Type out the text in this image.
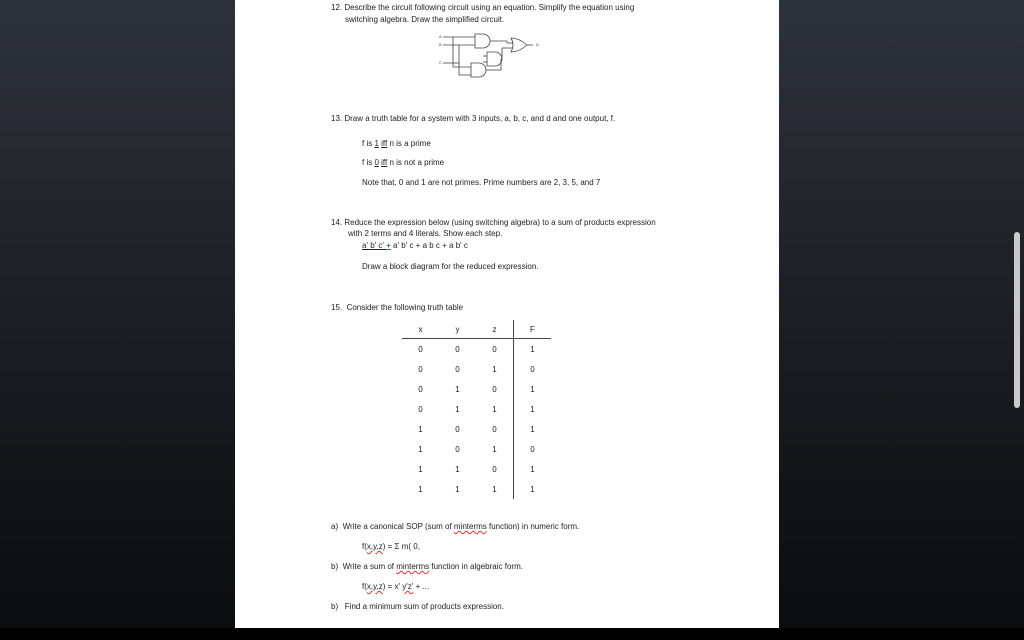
12. Describe the circuit following circuit using an equation. Simplify the equation using
switching algebra. Draw the simplified circuit.
A
B
C
D
13. Draw a truth table for a system with 3 inputs, a, b, c, and d and one output, f.
f is 1 iff n is a prime
f is 0 iff n is not a prime
Note that, 0 and 1 are not primes. Prime numbers are 2, 3, 5, and 7
14. Reduce the expression below (using switching algebra) to a sum of products expression
with 2 terms and 4 literals. Show each step.
a' b' c' + a' b' c + a b c + a b' c
Draw a block diagram for the reduced expression.
15. Consider the following truth table
x	y	z	F
0	0	0	1
0	0	1	0
0	1	0	1
0	1	1	1
1	0	0	1
1	0	1	0
1	1	0	1
1	1	1	1
a) Write a canonical SOP (sum of minterms function) in numeric form.
f(x,y,z) = Σ m( 0,
b) Write a sum of minterms function in algebraic form.
f(x,y,z) = x' y'z' + ...
b) Find a minimum sum of products expression.
